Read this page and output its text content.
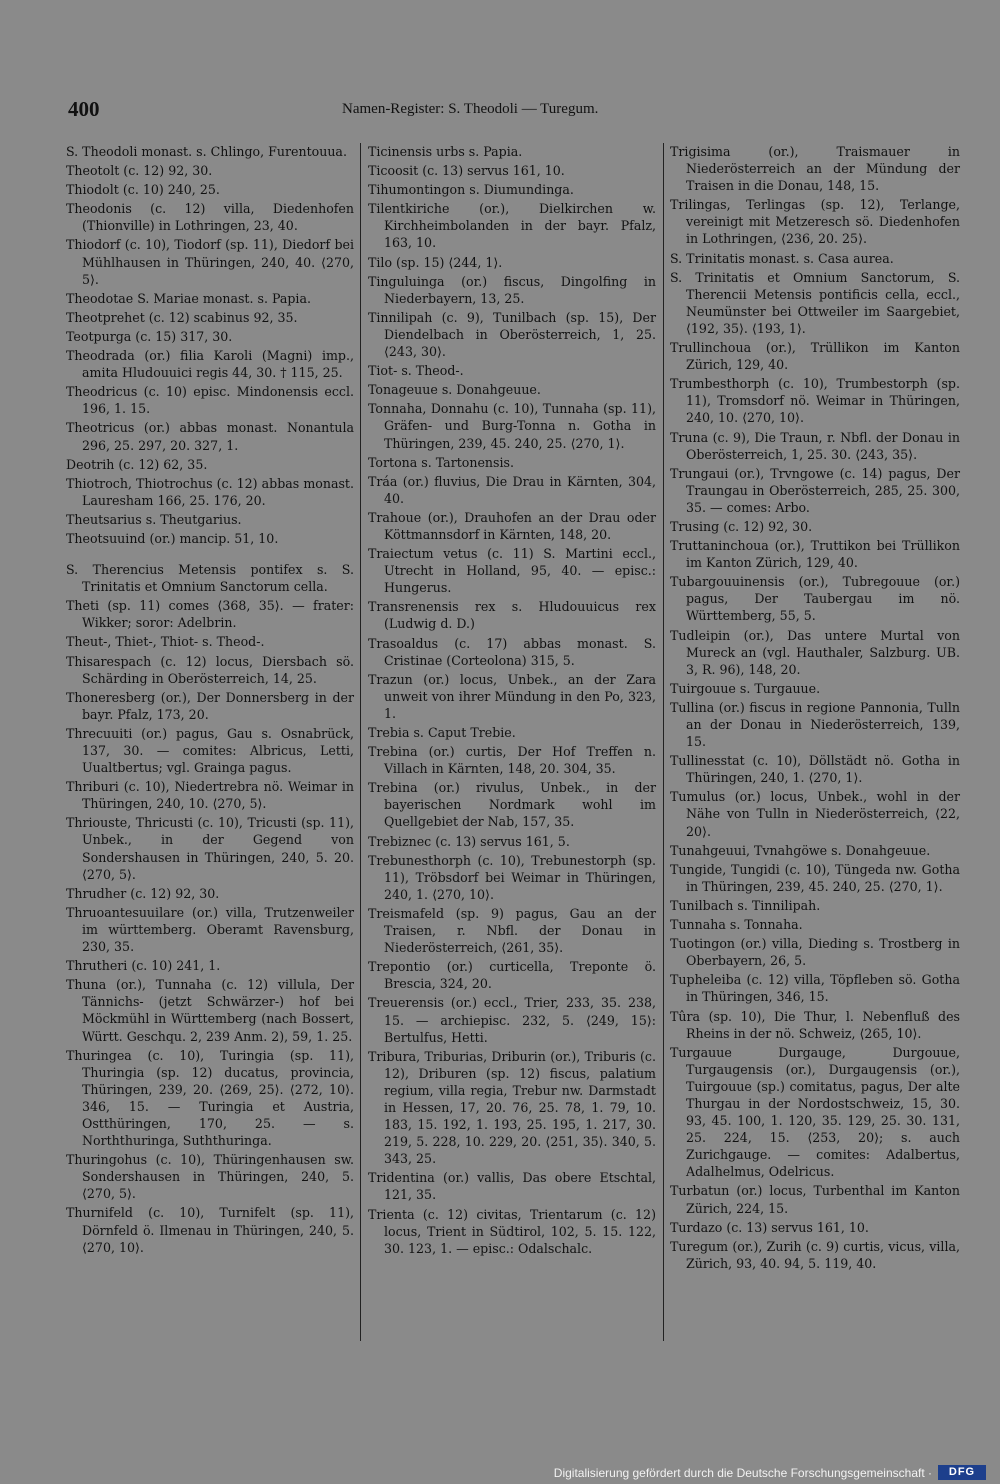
400	Namen-Register: S. Theodoli — Turegum.

S. Theodoli monast. s. Chlingo, Furentouua.

Theotolt (c. 12) 92, 30.

Thiodolt (c. 10) 240, 25.

Theodonis (c. 12) villa, Diedenhofen (Thionville) in Lothringen, 23, 40.

Thiodorf (c. 10), Tiodorf (sp. 11), Diedorf bei Mühlhausen in Thüringen, 240, 40. ⟨270, 5⟩.

Theodotae S. Mariae monast. s. Papia.

Theotprehet (c. 12) scabinus 92, 35.

Teotpurga (c. 15) 317, 30.

Theodrada (or.) filia Karoli (Magni) imp., amita Hludouuici regis 44, 30. † 115, 25.

Theodricus (c. 10) episc. Mindonensis eccl. 196, 1. 15.

Theotricus (or.) abbas monast. Nonantula 296, 25. 297, 20. 327, 1.

Deotrih (c. 12) 62, 35.

Thiotroch, Thiotrochus (c. 12) abbas monast. Lauresham 166, 25. 176, 20.

Theutsarius s. Theutgarius.

Theotsuuind (or.) mancip. 51, 10.

S. Therencius Metensis pontifex s. S. Trinitatis et Omnium Sanctorum cella.

Theti (sp. 11) comes ⟨368, 35⟩. — frater: Wikker; soror: Adelbrin.

Theut-, Thiet-, Thiot- s. Theod-.

Thisarespach (c. 12) locus, Diersbach sö. Schärding in Oberösterreich, 14, 25.

Thoneresberg (or.), Der Donnersberg in der bayr. Pfalz, 173, 20.

Threcuuiti (or.) pagus, Gau s. Osnabrück, 137, 30. — comites: Albricus, Letti, Uualtbertus; vgl. Grainga pagus.

Thriburi (c. 10), Niedertrebra nö. Weimar in Thüringen, 240, 10. ⟨270, 5⟩.

Thriouste, Thricusti (c. 10), Tricusti (sp. 11), Unbek., in der Gegend von Sondershausen in Thüringen, 240, 5. 20. ⟨270, 5⟩.

Thrudher (c. 12) 92, 30.

Thruoantesuuilare (or.) villa, Trutzenweiler im württemberg. Oberamt Ravensburg, 230, 35.

Thrutheri (c. 10) 241, 1.

Thuna (or.), Tunnaha (c. 12) villula, Der Tännichs- (jetzt Schwärzer-) hof bei Möckmühl in Württemberg (nach Bossert, Württ. Geschqu. 2, 239 Anm. 2), 59, 1. 25.

Thuringea (c. 10), Turingia (sp. 11), Thuringia (sp. 12) ducatus, provincia, Thüringen, 239, 20. ⟨269, 25⟩. ⟨272, 10⟩. 346, 15. — Turingia et Austria, Ostthüringen, 170, 25. — s. Norththuringa, Suththuringa.

Thuringohus (c. 10), Thüringenhausen sw. Sondershausen in Thüringen, 240, 5. ⟨270, 5⟩.

Thurnifeld (c. 10), Turnifelt (sp. 11), Dörnfeld ö. Ilmenau in Thüringen, 240, 5. ⟨270, 10⟩.

Ticinensis urbs s. Papia.

Ticoosit (c. 13) servus 161, 10.

Tihumontingon s. Diumundinga.

Tilentkiriche (or.), Dielkirchen w. Kirchheimbolanden in der bayr. Pfalz, 163, 10.

Tilo (sp. 15) ⟨244, 1⟩.

Tinguluinga (or.) fiscus, Dingolfing in Niederbayern, 13, 25.

Tinnilipah (c. 9), Tunilbach (sp. 15), Der Diendelbach in Oberösterreich, 1, 25. ⟨243, 30⟩.

Tiot- s. Theod-.

Tonageuue s. Donahgeuue.

Tonnaha, Donnahu (c. 10), Tunnaha (sp. 11), Gräfen- und Burg-Tonna n. Gotha in Thüringen, 239, 45. 240, 25. ⟨270, 1⟩.

Tortona s. Tartonensis.

Tráa (or.) fluvius, Die Drau in Kärnten, 304, 40.

Trahoue (or.), Drauhofen an der Drau oder Köttmannsdorf in Kärnten, 148, 20.

Traiectum vetus (c. 11) S. Martini eccl., Utrecht in Holland, 95, 40. — episc.: Hungerus.

Transrenensis rex s. Hludouuicus rex (Ludwig d. D.)

Trasoaldus (c. 17) abbas monast. S. Cristinae (Corteolona) 315, 5.

Trazun (or.) locus, Unbek., an der Zara unweit von ihrer Mündung in den Po, 323, 1.

Trebia s. Caput Trebie.

Trebina (or.) curtis, Der Hof Treffen n. Villach in Kärnten, 148, 20. 304, 35.

Trebina (or.) rivulus, Unbek., in der bayerischen Nordmark wohl im Quellgebiet der Nab, 157, 35.

Trebiznec (c. 13) servus 161, 5.

Trebunesthorph (c. 10), Trebunestorph (sp. 11), Tröbsdorf bei Weimar in Thüringen, 240, 1. ⟨270, 10⟩.

Treismafeld (sp. 9) pagus, Gau an der Traisen, r. Nbfl. der Donau in Niederösterreich, ⟨261, 35⟩.

Trepontio (or.) curticella, Treponte ö. Brescia, 324, 20.

Treuerensis (or.) eccl., Trier, 233, 35. 238, 15. — archiepisc. 232, 5. ⟨249, 15⟩: Bertulfus, Hetti.

Tribura, Triburias, Driburin (or.), Triburis (c. 12), Driburen (sp. 12) fiscus, palatium regium, villa regia, Trebur nw. Darmstadt in Hessen, 17, 20. 76, 25. 78, 1. 79, 10. 183, 15. 192, 1. 193, 25. 195, 1. 217, 30. 219, 5. 228, 10. 229, 20. ⟨251, 35⟩. 340, 5. 343, 25.

Tridentina (or.) vallis, Das obere Etschtal, 121, 35.

Trienta (c. 12) civitas, Trientarum (c. 12) locus, Trient in Südtirol, 102, 5. 15. 122, 30. 123, 1. — episc.: Odalschalc.

Trigisima (or.), Traismauer in Niederösterreich an der Mündung der Traisen in die Donau, 148, 15.

Trilingas, Terlingas (sp. 12), Terlange, vereinigt mit Metzeresch sö. Diedenhofen in Lothringen, ⟨236, 20. 25⟩.

S. Trinitatis monast. s. Casa aurea.

S. Trinitatis et Omnium Sanctorum, S. Therencii Metensis pontificis cella, eccl., Neumünster bei Ottweiler im Saargebiet, ⟨192, 35⟩. ⟨193, 1⟩.

Trullinchoua (or.), Trüllikon im Kanton Zürich, 129, 40.

Trumbesthorph (c. 10), Trumbestorph (sp. 11), Tromsdorf nö. Weimar in Thüringen, 240, 10. ⟨270, 10⟩.

Truna (c. 9), Die Traun, r. Nbfl. der Donau in Oberösterreich, 1, 25. 30. ⟨243, 35⟩.

Trungaui (or.), Trvngowe (c. 14) pagus, Der Traungau in Oberösterreich, 285, 25. 300, 35. — comes: Arbo.

Trusing (c. 12) 92, 30.

Truttaninchoua (or.), Truttikon bei Trüllikon im Kanton Zürich, 129, 40.

Tubargouuinensis (or.), Tubregouue (or.) pagus, Der Taubergau im nö. Württemberg, 55, 5.

Tudleipin (or.), Das untere Murtal von Mureck an (vgl. Hauthaler, Salzburg. UB. 3, R. 96), 148, 20.

Tuirgouue s. Turgauue.

Tullina (or.) fiscus in regione Pannonia, Tulln an der Donau in Niederösterreich, 139, 15.

Tullinesstat (c. 10), Döllstädt nö. Gotha in Thüringen, 240, 1. ⟨270, 1⟩.

Tumulus (or.) locus, Unbek., wohl in der Nähe von Tulln in Niederösterreich, ⟨22, 20⟩.

Tunahgeuui, Tvnahgöwe s. Donahgeuue.

Tungide, Tungidi (c. 10), Tüngeda nw. Gotha in Thüringen, 239, 45. 240, 25. ⟨270, 1⟩.

Tunilbach s. Tinnilipah.

Tunnaha s. Tonnaha.

Tuotingon (or.) villa, Dieding s. Trostberg in Oberbayern, 26, 5.

Tupheleiba (c. 12) villa, Töpfleben sö. Gotha in Thüringen, 346, 15.

Tûra (sp. 10), Die Thur, l. Nebenfluß des Rheins in der nö. Schweiz, ⟨265, 10⟩.

Turgauue Durgauge, Durgouue, Turgaugensis (or.), Durgaugensis (or.), Tuirgouue (sp.) comitatus, pagus, Der alte Thurgau in der Nordostschweiz, 15, 30. 93, 45. 100, 1. 120, 35. 129, 25. 30. 131, 25. 224, 15. ⟨253, 20⟩; s. auch Zurichgauge. — comites: Adalbertus, Adalhelmus, Odelricus.

Turbatun (or.) locus, Turbenthal im Kanton Zürich, 224, 15.

Turdazo (c. 13) servus 161, 10.

Turegum (or.), Zurih (c. 9) curtis, vicus, villa, Zürich, 93, 40. 94, 5. 119, 40.

Digitalisierung gefördert durch die Deutsche Forschungsgemeinschaft ·	DFG
